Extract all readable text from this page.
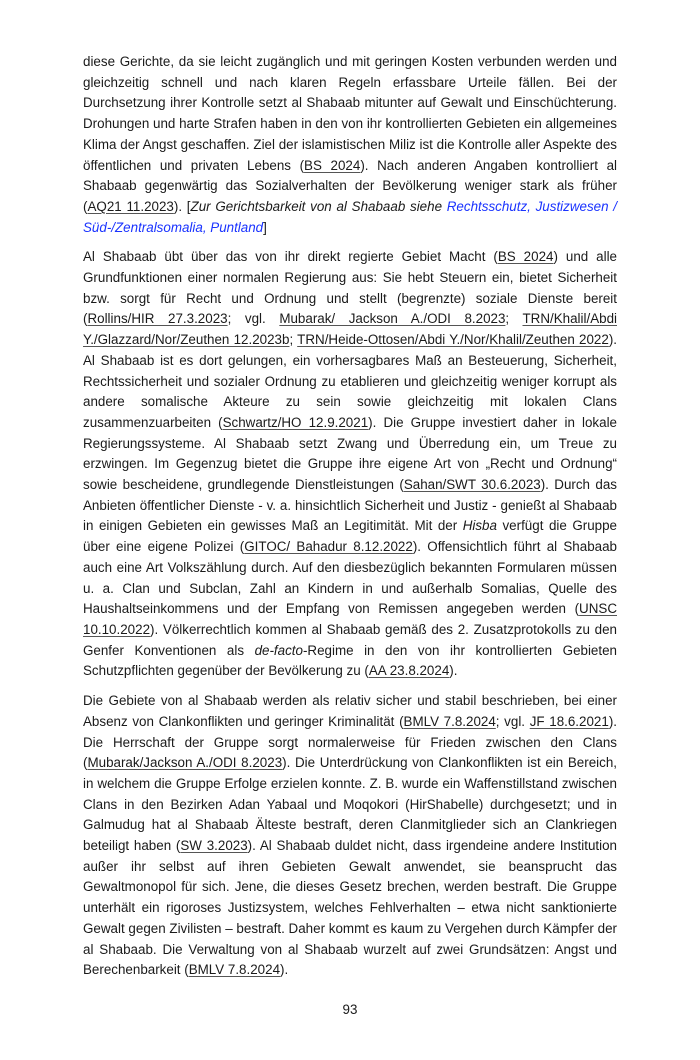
diese Gerichte, da sie leicht zugänglich und mit geringen Kosten verbunden werden und gleichzeitig schnell und nach klaren Regeln erfassbare Urteile fällen. Bei der Durchsetzung ihrer Kontrolle setzt al Shabaab mitunter auf Gewalt und Einschüchterung. Drohungen und harte Strafen haben in den von ihr kontrollierten Gebieten ein allgemeines Klima der Angst geschaffen. Ziel der islamistischen Miliz ist die Kontrolle aller Aspekte des öffentlichen und privaten Lebens (BS 2024). Nach anderen Angaben kontrolliert al Shabaab gegenwärtig das Sozialverhalten der Bevölkerung weniger stark als früher (AQ21 11.2023). [Zur Gerichtsbarkeit von al Shabaab siehe Rechtsschutz, Justizwesen / Süd-/Zentralsomalia, Puntland]

Al Shabaab übt über das von ihr direkt regierte Gebiet Macht (BS 2024) und alle Grundfunktionen einer normalen Regierung aus: Sie hebt Steuern ein, bietet Sicherheit bzw. sorgt für Recht und Ordnung und stellt (begrenzte) soziale Dienste bereit (Rollins/HIR 27.3.2023; vgl. Mubarak/ Jackson A./ODI 8.2023; TRN/Khalil/Abdi Y./Glazzard/Nor/Zeuthen 12.2023b; TRN/Heide-Ottosen/Abdi Y./Nor/Khalil/Zeuthen 2022). Al Shabaab ist es dort gelungen, ein vorhersagbares Maß an Besteuerung, Sicherheit, Rechtssicherheit und sozialer Ordnung zu etablieren und gleichzeitig weniger korrupt als andere somalische Akteure zu sein sowie gleichzeitig mit lokalen Clans zusammenzuarbeiten (Schwartz/HO 12.9.2021). Die Gruppe investiert daher in lokale Regierungssysteme. Al Shabaab setzt Zwang und Überredung ein, um Treue zu erzwingen. Im Gegenzug bietet die Gruppe ihre eigene Art von „Recht und Ordnung“ sowie bescheidene, grundlegende Dienstleistungen (Sahan/SWT 30.6.2023). Durch das Anbieten öffentlicher Dienste - v. a. hinsichtlich Sicherheit und Justiz - genießt al Shabaab in einigen Gebieten ein gewisses Maß an Legitimität. Mit der Hisba verfügt die Gruppe über eine eigene Polizei (GITOC/ Bahadur 8.12.2022). Offensichtlich führt al Shabaab auch eine Art Volkszählung durch. Auf den diesbezüglich bekannten Formularen müssen u. a. Clan und Subclan, Zahl an Kindern in und außerhalb Somalias, Quelle des Haushaltseinkommens und der Empfang von Remissen angegeben werden (UNSC 10.10.2022). Völkerrechtlich kommen al Shabaab gemäß des 2. Zusatzprotokolls zu den Genfer Konventionen als de-facto-Regime in den von ihr kontrollierten Gebieten Schutzpflichten gegenüber der Bevölkerung zu (AA 23.8.2024).

Die Gebiete von al Shabaab werden als relativ sicher und stabil beschrieben, bei einer Absenz von Clankonflikten und geringer Kriminalität (BMLV 7.8.2024; vgl. JF 18.6.2021). Die Herrschaft der Gruppe sorgt normalerweise für Frieden zwischen den Clans (Mubarak/Jackson A./ODI 8.2023). Die Unterdrückung von Clankonflikten ist ein Bereich, in welchem die Gruppe Erfolge erzielen konnte. Z. B. wurde ein Waffenstillstand zwischen Clans in den Bezirken Adan Yabaal und Moqokori (HirShabelle) durchgesetzt; und in Galmudug hat al Shabaab Älteste bestraft, deren Clanmitglieder sich an Clankriegen beteiligt haben (SW 3.2023). Al Shabaab duldet nicht, dass irgendeine andere Institution außer ihr selbst auf ihren Gebieten Gewalt anwendet, sie beansprucht das Gewaltmonopol für sich. Jene, die dieses Gesetz brechen, werden bestraft. Die Gruppe unterhält ein rigoroses Justizsystem, welches Fehlverhalten – etwa nicht sanktionierte Gewalt gegen Zivilisten – bestraft. Daher kommt es kaum zu Vergehen durch Kämpfer der al Shabaab. Die Verwaltung von al Shabaab wurzelt auf zwei Grundsätzen: Angst und Berechenbarkeit (BMLV 7.8.2024).

93
